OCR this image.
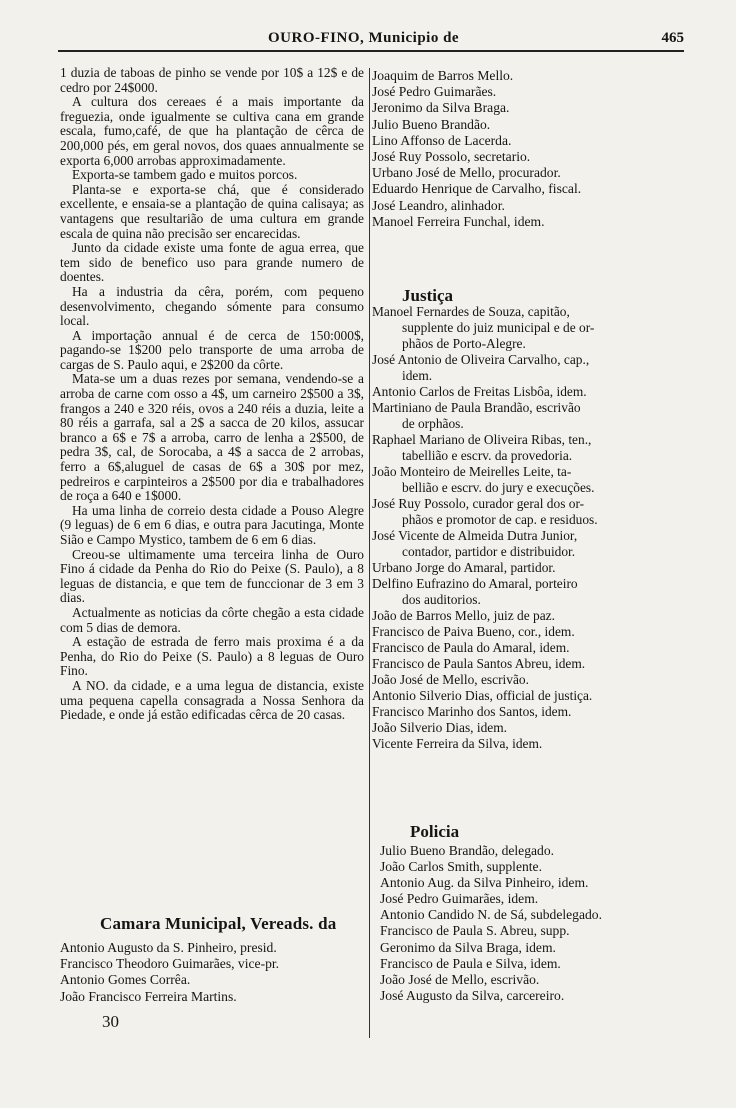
OURO-FINO, Municipio de	465

1 duzia de taboas de pinho se vende por 10$ a 12$ e de cedro por 24$000.

A cultura dos cereaes é a mais importante da freguezia, onde igualmente se cultiva cana em grande escala, fumo,café, de que ha plantação de cêrca de 200,000 pés, em geral novos, dos quaes annualmente se exporta 6,000 arrobas approximadamente.

Exporta-se tambem gado e muitos porcos.

Planta-se e exporta-se chá, que é considerado excellente, e ensaia-se a plantação de quina calisaya; as vantagens que resultarião de uma cultura em grande escala de quina não precisão ser encarecidas.

Junto da cidade existe uma fonte de agua errea, que tem sido de benefico uso para grande numero de doentes.

Ha a industria da cêra, porém, com pequeno desenvolvimento, chegando sómente para consumo local.

A importação annual é de cerca de 150:000$, pagando-se 1$200 pelo transporte de uma arroba de cargas de S. Paulo aqui, e 2$200 da côrte.

Mata-se um a duas rezes por semana, vendendo-se a arroba de carne com osso a 4$, um carneiro 2$500 a 3$, frangos a 240 e 320 réis, ovos a 240 réis a duzia, leite a 80 réis a garrafa, sal a 2$ a sacca de 20 kilos, assucar branco a 6$ e 7$ a arroba, carro de lenha a 2$500, de pedra 3$, cal, de Sorocaba, a 4$ a sacca de 2 arrobas, ferro a 6$,aluguel de casas de 6$ a 30$ por mez, pedreiros e carpinteiros a 2$500 por dia e trabalhadores de roça a 640 e 1$000.

Ha uma linha de correio desta cidade a Pouso Alegre (9 leguas) de 6 em 6 dias, e outra para Jacutinga, Monte Sião e Campo Mystico, tambem de 6 em 6 dias.

Creou-se ultimamente uma terceira linha de Ouro Fino á cidade da Penha do Rio do Peixe (S. Paulo), a 8 leguas de distancia, e que tem de funccionar de 3 em 3 dias.

Actualmente as noticias da côrte chegão a esta cidade com 5 dias de demora.

A estação de estrada de ferro mais proxima é a da Penha, do Rio do Peixe (S. Paulo) a 8 leguas de Ouro Fino.

A NO. da cidade, e a uma legua de distancia, existe uma pequena capella consagrada a Nossa Senhora da Piedade, e onde já estão edificadas cêrca de 20 casas.

Camara Municipal, Vereads. da

Antonio Augusto da S. Pinheiro, presid.

Francisco Theodoro Guimarães, vice-pr.

Antonio Gomes Corrêa.

João Francisco Ferreira Martins.

30

Joaquim de Barros Mello.

José Pedro Guimarães.

Jeronimo da Silva Braga.

Julio Bueno Brandão.

Lino Affonso de Lacerda.

José Ruy Possolo, secretario.

Urbano José de Mello, procurador.

Eduardo Henrique de Carvalho, fiscal.

José Leandro, alinhador.

Manoel Ferreira Funchal, idem.

Justiça

Manoel Fernardes de Souza, capitão,
supplente do juiz municipal e de or-
phãos de Porto-Alegre.

José Antonio de Oliveira Carvalho, cap.,
idem.

Antonio Carlos de Freitas Lisbôa, idem.

Martiniano de Paula Brandão, escrivão
de orphãos.

Raphael Mariano de Oliveira Ribas, ten.,
tabellião e escrv. da provedoria.

João Monteiro de Meirelles Leite, ta-
bellião e escrv. do jury e execuções.

José Ruy Possolo, curador geral dos or-
phãos e promotor de cap. e residuos.

José Vicente de Almeida Dutra Junior,
contador, partidor e distribuidor.

Urbano Jorge do Amaral, partidor.

Delfino Eufrazino do Amaral, porteiro
dos auditorios.

João de Barros Mello, juiz de paz.

Francisco de Paiva Bueno, cor., idem.

Francisco de Paula do Amaral, idem.

Francisco de Paula Santos Abreu, idem.

João José de Mello, escrivão.

Antonio Silverio Dias, official de justiça.

Francisco Marinho dos Santos, idem.

João Silverio Dias, idem.

Vicente Ferreira da Silva, idem.

Policia

Julio Bueno Brandão, delegado.

João Carlos Smith, supplente.

Antonio Aug. da Silva Pinheiro, idem.

José Pedro Guimarães, idem.

Antonio Candido N. de Sá, subdelegado.

Francisco de Paula S. Abreu, supp.

Geronimo da Silva Braga, idem.

Francisco de Paula e Silva, idem.

João José de Mello, escrivão.

José Augusto da Silva, carcereiro.
